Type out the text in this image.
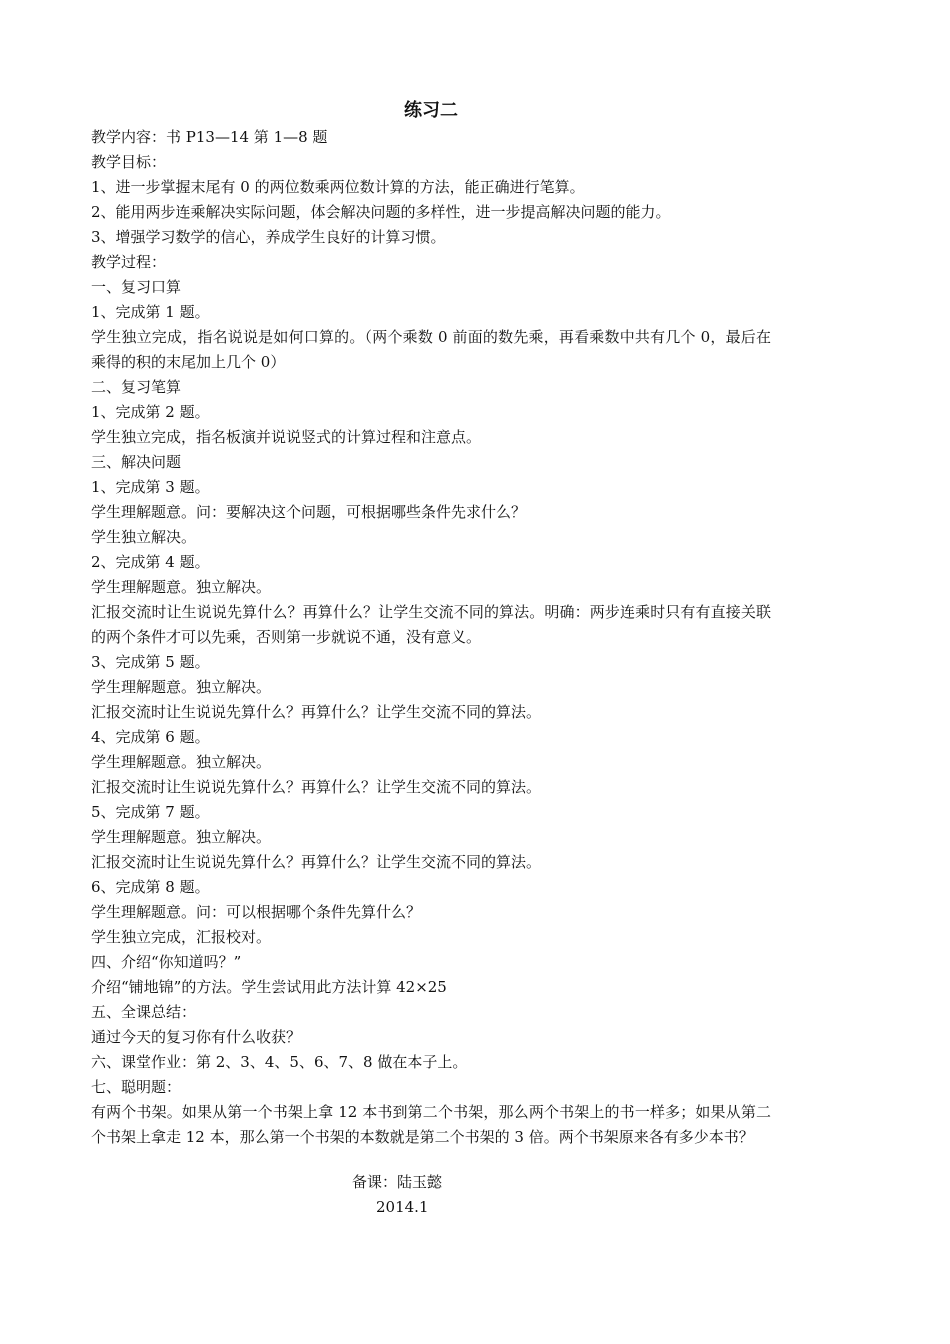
练习二
教学内容：书 P13—14 第 1—8 题
教学目标：
1、进一步掌握末尾有 0 的两位数乘两位数计算的方法，能正确进行笔算。
2、能用两步连乘解决实际问题，体会解决问题的多样性，进一步提高解决问题的能力。
3、增强学习数学的信心，养成学生良好的计算习惯。
教学过程：
一、复习口算
1、完成第 1 题。
学生独立完成，指名说说是如何口算的。（两个乘数 0 前面的数先乘，再看乘数中共有几个 0，最后在乘得的积的末尾加上几个 0）
二、复习笔算
1、完成第 2 题。
学生独立完成，指名板演并说说竖式的计算过程和注意点。
三、解决问题
1、完成第 3 题。
学生理解题意。问：要解决这个问题，可根据哪些条件先求什么？
学生独立解决。
2、完成第 4 题。
学生理解题意。独立解决。
汇报交流时让生说说先算什么？再算什么？让学生交流不同的算法。明确：两步连乘时只有有直接关联的两个条件才可以先乘，否则第一步就说不通，没有意义。
3、完成第 5 题。
学生理解题意。独立解决。
汇报交流时让生说说先算什么？再算什么？让学生交流不同的算法。
4、完成第 6 题。
学生理解题意。独立解决。
汇报交流时让生说说先算什么？再算什么？让学生交流不同的算法。
5、完成第 7 题。
学生理解题意。独立解决。
汇报交流时让生说说先算什么？再算什么？让学生交流不同的算法。
6、完成第 8 题。
学生理解题意。问：可以根据哪个条件先算什么？
学生独立完成，汇报校对。
四、介绍“你知道吗？”
介绍“铺地锦”的方法。学生尝试用此方法计算 42×25
五、全课总结：
通过今天的复习你有什么收获？
六、课堂作业：第 2、3、4、5、6、7、8 做在本子上。
七、聪明题：
有两个书架。如果从第一个书架上拿 12 本书到第二个书架，那么两个书架上的书一样多；如果从第二个书架上拿走 12 本，那么第一个书架的本数就是第二个书架的 3 倍。两个书架原来各有多少本书？
备课：陆玉懿
2014.1
